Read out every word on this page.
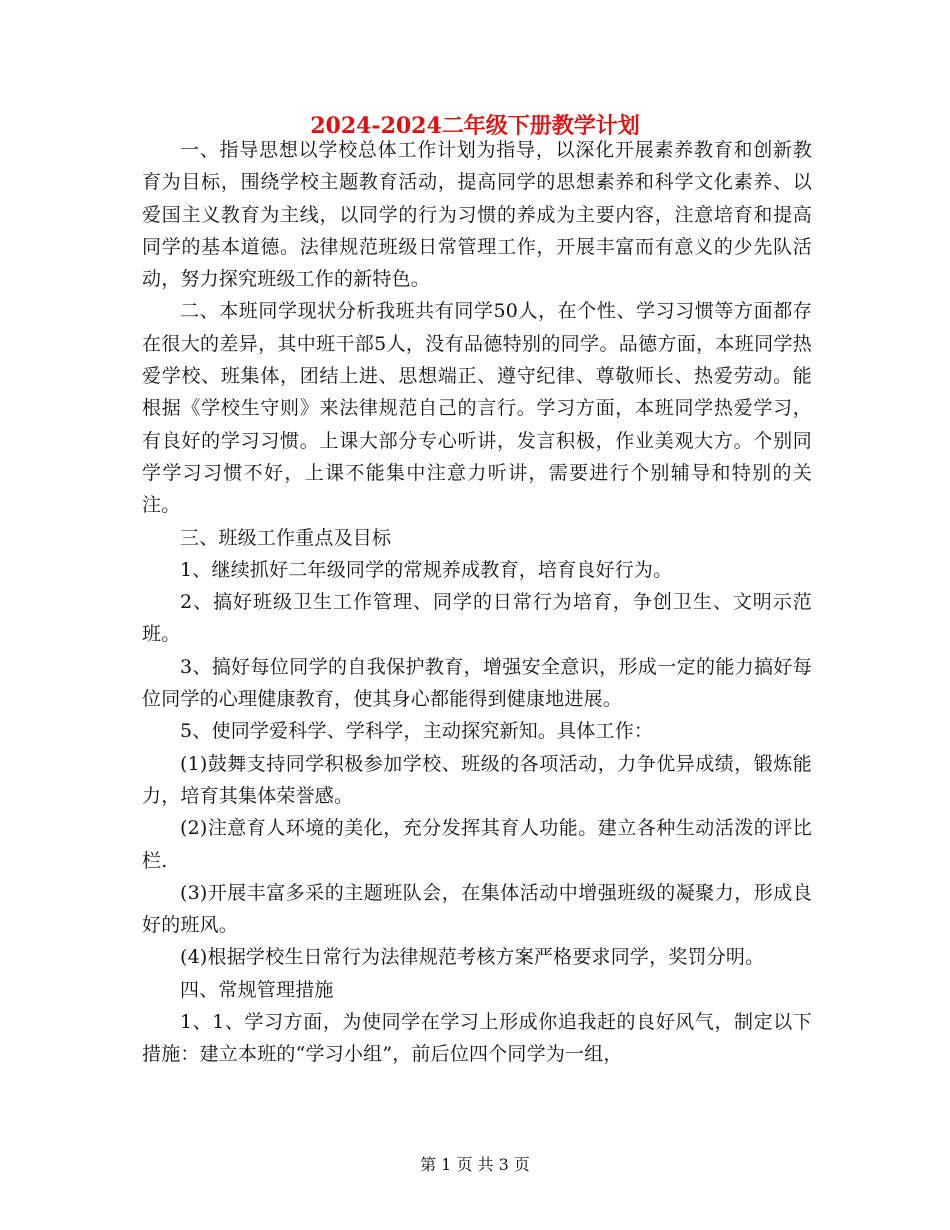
2024-2024二年级下册教学计划

一、指导思想以学校总体工作计划为指导，以深化开展素养教育和创新教育为目标，围绕学校主题教育活动，提高同学的思想素养和科学文化素养、以爱国主义教育为主线，以同学的行为习惯的养成为主要内容，注意培育和提高同学的基本道德。法律规范班级日常管理工作，开展丰富而有意义的少先队活动，努力探究班级工作的新特色。

二、本班同学现状分析我班共有同学50人，在个性、学习习惯等方面都存在很大的差异，其中班干部5人，没有品德特别的同学。品德方面，本班同学热爱学校、班集体，团结上进、思想端正、遵守纪律、尊敬师长、热爱劳动。能根据《学校生守则》来法律规范自己的言行。学习方面，本班同学热爱学习，有良好的学习习惯。上课大部分专心听讲，发言积极，作业美观大方。个别同学学习习惯不好，上课不能集中注意力听讲，需要进行个别辅导和特别的关注。

三、班级工作重点及目标

1、继续抓好二年级同学的常规养成教育，培育良好行为。

2、搞好班级卫生工作管理、同学的日常行为培育，争创卫生、文明示范班。

3、搞好每位同学的自我保护教育，增强安全意识，形成一定的能力搞好每位同学的心理健康教育，使其身心都能得到健康地进展。

5、使同学爱科学、学科学，主动探究新知。具体工作：

(1)鼓舞支持同学积极参加学校、班级的各项活动，力争优异成绩，锻炼能力，培育其集体荣誉感。

(2)注意育人环境的美化，充分发挥其育人功能。建立各种生动活泼的评比栏.

(3)开展丰富多采的主题班队会，在集体活动中增强班级的凝聚力，形成良好的班风。

(4)根据学校生日常行为法律规范考核方案严格要求同学，奖罚分明。

四、常规管理措施

1、1、学习方面，为使同学在学习上形成你追我赶的良好风气，制定以下措施：建立本班的“学习小组”，前后位四个同学为一组，

第 1 页 共 3 页
